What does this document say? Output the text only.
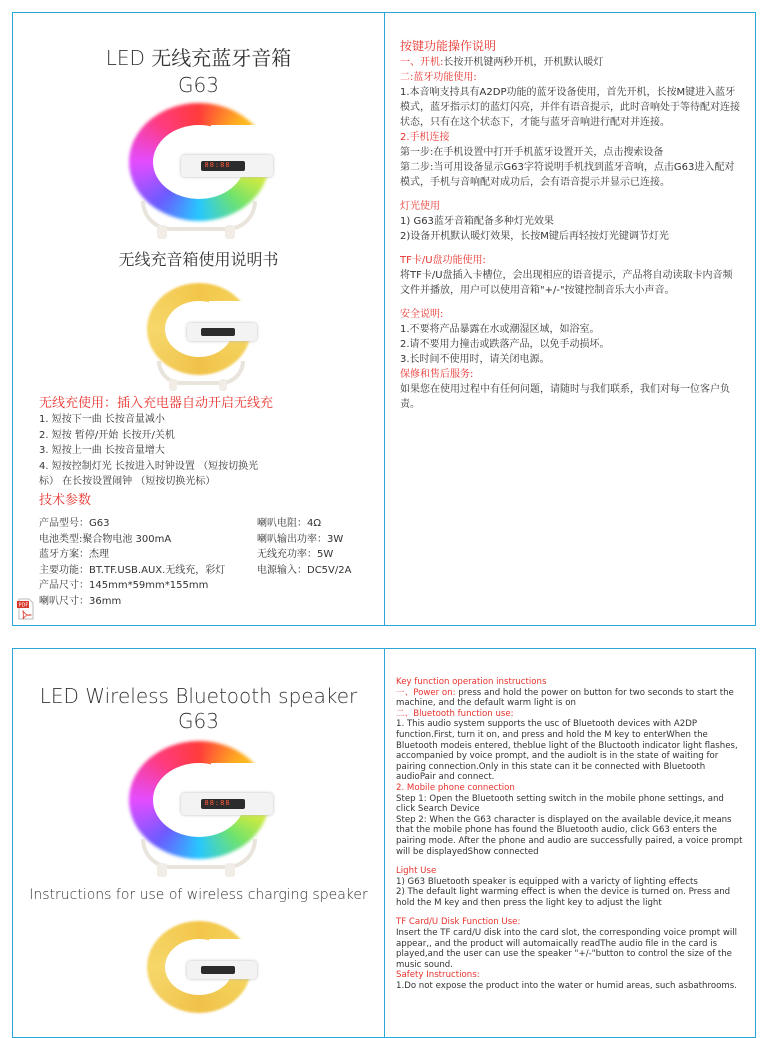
LED 无线充蓝牙音箱
G63
88:88
无线充音箱使用说明书

无线充使用：插入充电器自动开启无线充

1. 短按下一曲 长按音量减小
2. 短按 暂停/开始 长按开/关机
3. 短按上一曲 长按音量增大
4. 短按控制灯光 长按进入时钟设置 （短按切换光
标） 在长按设置闹钟 （短按切换光标）

技术参数

产品型号：G63	喇叭电阻：4Ω
电池类型:聚合物电池 300mA	喇叭输出功率：3W
蓝牙方案：杰理	无线充功率：5W
主要功能：BT.TF.USB.AUX.无线充，彩灯	电源输入：DC5V/2A
产品尺寸：145mm*59mm*155mm
喇叭尺寸：36mm
PDF

按键功能操作说明

一、开机:长按开机键两秒开机，开机默认暖灯

二:蓝牙功能使用:

1.本音响支持具有A2DP功能的蓝牙设备使用，首先开机，长按M键进入蓝牙模式，蓝牙指示灯的蓝灯闪亮，并伴有语音提示，此时音响处于等待配对连接状态，只有在这个状态下，才能与蓝牙音响进行配对并连接。

2.手机连接

第一步:在手机设置中打开手机蓝牙设置开关，点击搜索设备

第二步:当可用设备显示G63字符说明手机找到蓝牙音响，点击G63进入配对模式，手机与音响配对成功后，会有语音提示并显示已连接。

灯光使用

1) G63蓝牙音箱配备多种灯光效果

2)设备开机默认暖灯效果，长按M键后再轻按灯光键调节灯光

TF卡/U盘功能使用:

将TF卡/U盘插入卡槽位，会出现相应的语音提示，产品将自动读取卡内音频文件并播放，用户可以使用音箱"+/-"按键控制音乐大小声音。

安全说明:

1.不要将产品暴露在水或潮湿区域，如浴室。

2.请不要用力撞击或跌落产品，以免手动损坏。

3.长时间不使用时，请关闭电源。

保修和售后服务:

如果您在使用过程中有任何问题，请随时与我们联系，我们对每一位客户负责。

LED Wireless Bluetooth speaker
G63
88:88
Instructions for use of wireless charging speaker

Key function operation instructions

一、Power on: press and hold the power on button for two seconds to start the machine, and the default warm light is on

二、Bluetooth function use:

1. This audio system supports the usc of Bluetooth devices with A2DP function.First, turn it on, and press and hold the M key to enterWhen the Bluetooth modeis entered, theblue light of the Bluctooth indicator light flashes, accompanied by voice prompt, and the audiolt is in the state of waiting for pairing connection.Only in this state can it be connected with Bluetooth audioPair and connect.

2. Mobile phone connection

Step 1: Open the Bluetooth setting switch in the mobile phone settings, and click Search Device

Step 2: When the G63 character is displayed on the available device,it means that the mobile phone has found the Bluetooth audio, click G63 enters the pairing mode. After the phone and audio are successfully paired, a voice prompt will be displayedShow connected

Light Use

1) G63 Bluetooth speaker is equipped with a varicty of lighting effects

2) The default light warming effect is when the device is turned on. Press and hold the M key and then press the light key to adjust the light

TF Card/U Disk Function Use:

Insert the TF card/U disk into the card slot, the corresponding voice prompt will appear,, and the product will automaically readThe audio file in the card is played,and the user can use the speaker "+/-"button to control the size of the music sound.

Safety Instructions:

1.Do not expose the product into the water or humid areas, such asbathrooms.
